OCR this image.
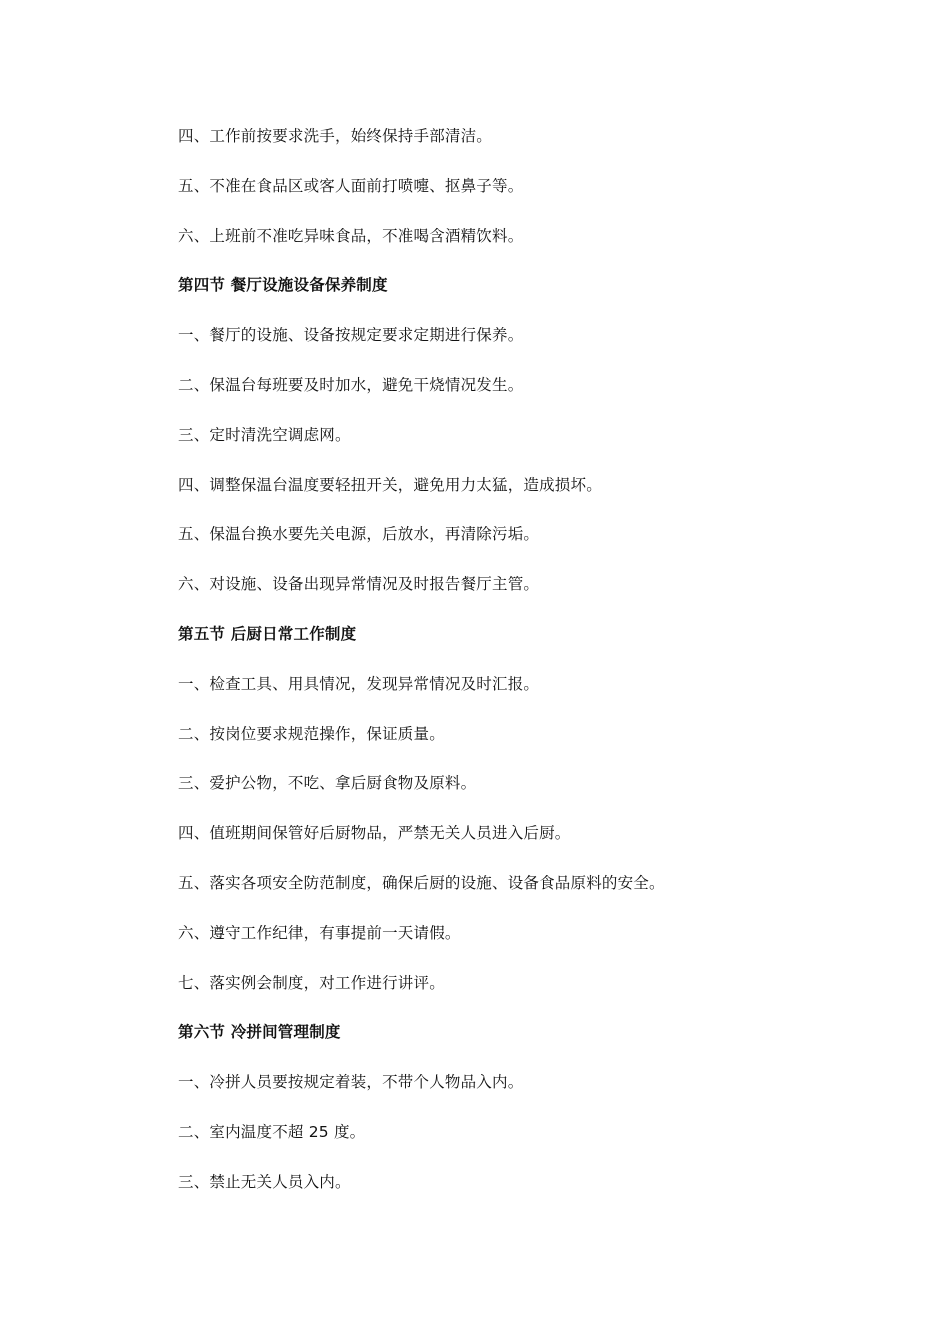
四、工作前按要求洗手，始终保持手部清洁。
五、不准在食品区或客人面前打喷嚏、抠鼻子等。
六、上班前不准吃异味食品，不准喝含酒精饮料。
第四节 餐厅设施设备保养制度
一、餐厅的设施、设备按规定要求定期进行保养。
二、保温台每班要及时加水，避免干烧情况发生。
三、定时清洗空调虑网。
四、调整保温台温度要轻扭开关，避免用力太猛，造成损坏。
五、保温台换水要先关电源，后放水，再清除污垢。
六、对设施、设备出现异常情况及时报告餐厅主管。
第五节 后厨日常工作制度
一、检查工具、用具情况，发现异常情况及时汇报。
二、按岗位要求规范操作，保证质量。
三、爱护公物，不吃、拿后厨食物及原料。
四、值班期间保管好后厨物品，严禁无关人员进入后厨。
五、落实各项安全防范制度，确保后厨的设施、设备食品原料的安全。
六、遵守工作纪律，有事提前一天请假。
七、落实例会制度，对工作进行讲评。
第六节 冷拼间管理制度
一、冷拼人员要按规定着装，不带个人物品入内。
二、室内温度不超 25 度。
三、禁止无关人员入内。
